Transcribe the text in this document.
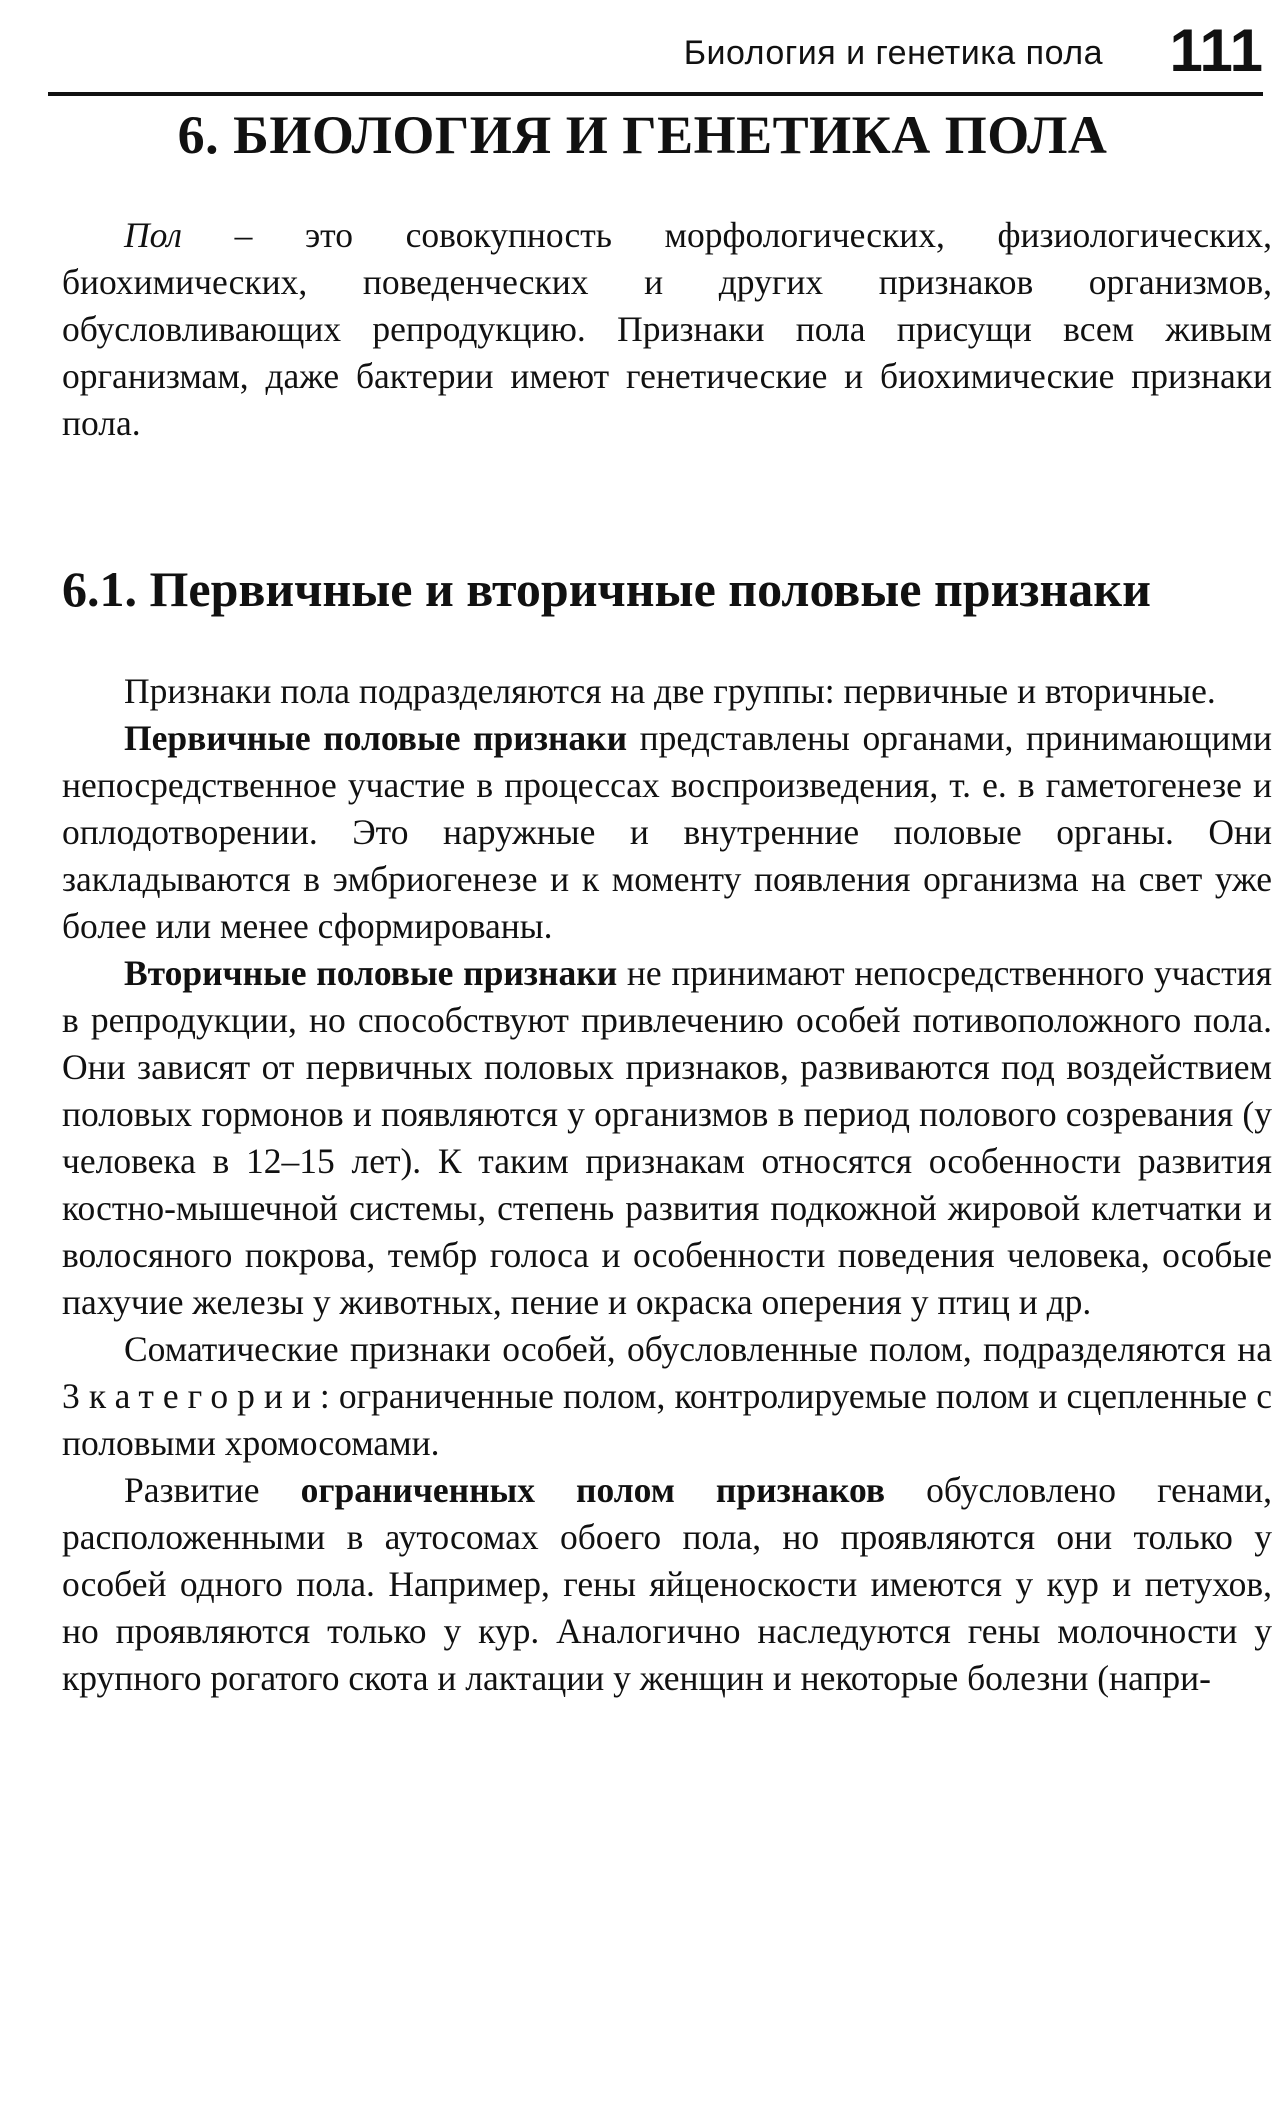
Биология и генетика пола 111
6. БИОЛОГИЯ И ГЕНЕТИКА ПОЛА

Пол – это совокупность морфологических, физиологических, биохимических, поведенческих и других признаков организмов, обусловливающих репродукцию. Признаки пола присущи всем живым организмам, даже бактерии имеют генетические и биохимические признаки пола.

6.1. Первичные и вторичные половые признаки

Признаки пола подразделяются на две группы: первичные и вторичные.

Первичные половые признаки представлены органами, принимающими непосредственное участие в процессах воспроизведения, т. е. в гаметогенезе и оплодотворении. Это наружные и внутренние половые органы. Они закладываются в эмбриогенезе и к моменту появления организма на свет уже более или менее сформированы.

Вторичные половые признаки не принимают непосредственного участия в репродукции, но способствуют привлечению особей потивоположного пола. Они зависят от первичных половых признаков, развиваются под воздействием половых гормонов и появляются у организмов в период полового созревания (у человека в 12–15 лет). К таким признакам относятся особенности развития костно-мышечной системы, степень развития подкожной жировой клетчатки и волосяного покрова, тембр голоса и особенности поведения человека, особые пахучие железы у животных, пение и окраска оперения у птиц и др.

Соматические признаки особей, обусловленные полом, подразделяются на 3 категории: ограниченные полом, контролируемые полом и сцепленные с половыми хромосомами.

Развитие ограниченных полом признаков обусловлено генами, расположенными в аутосомах обоего пола, но проявляются они только у особей одного пола. Например, гены яйценоскости имеются у кур и петухов, но проявляются только у кур. Аналогично наследуются гены молочности у крупного рогатого скота и лактации у женщин и некоторые болезни (напри-
